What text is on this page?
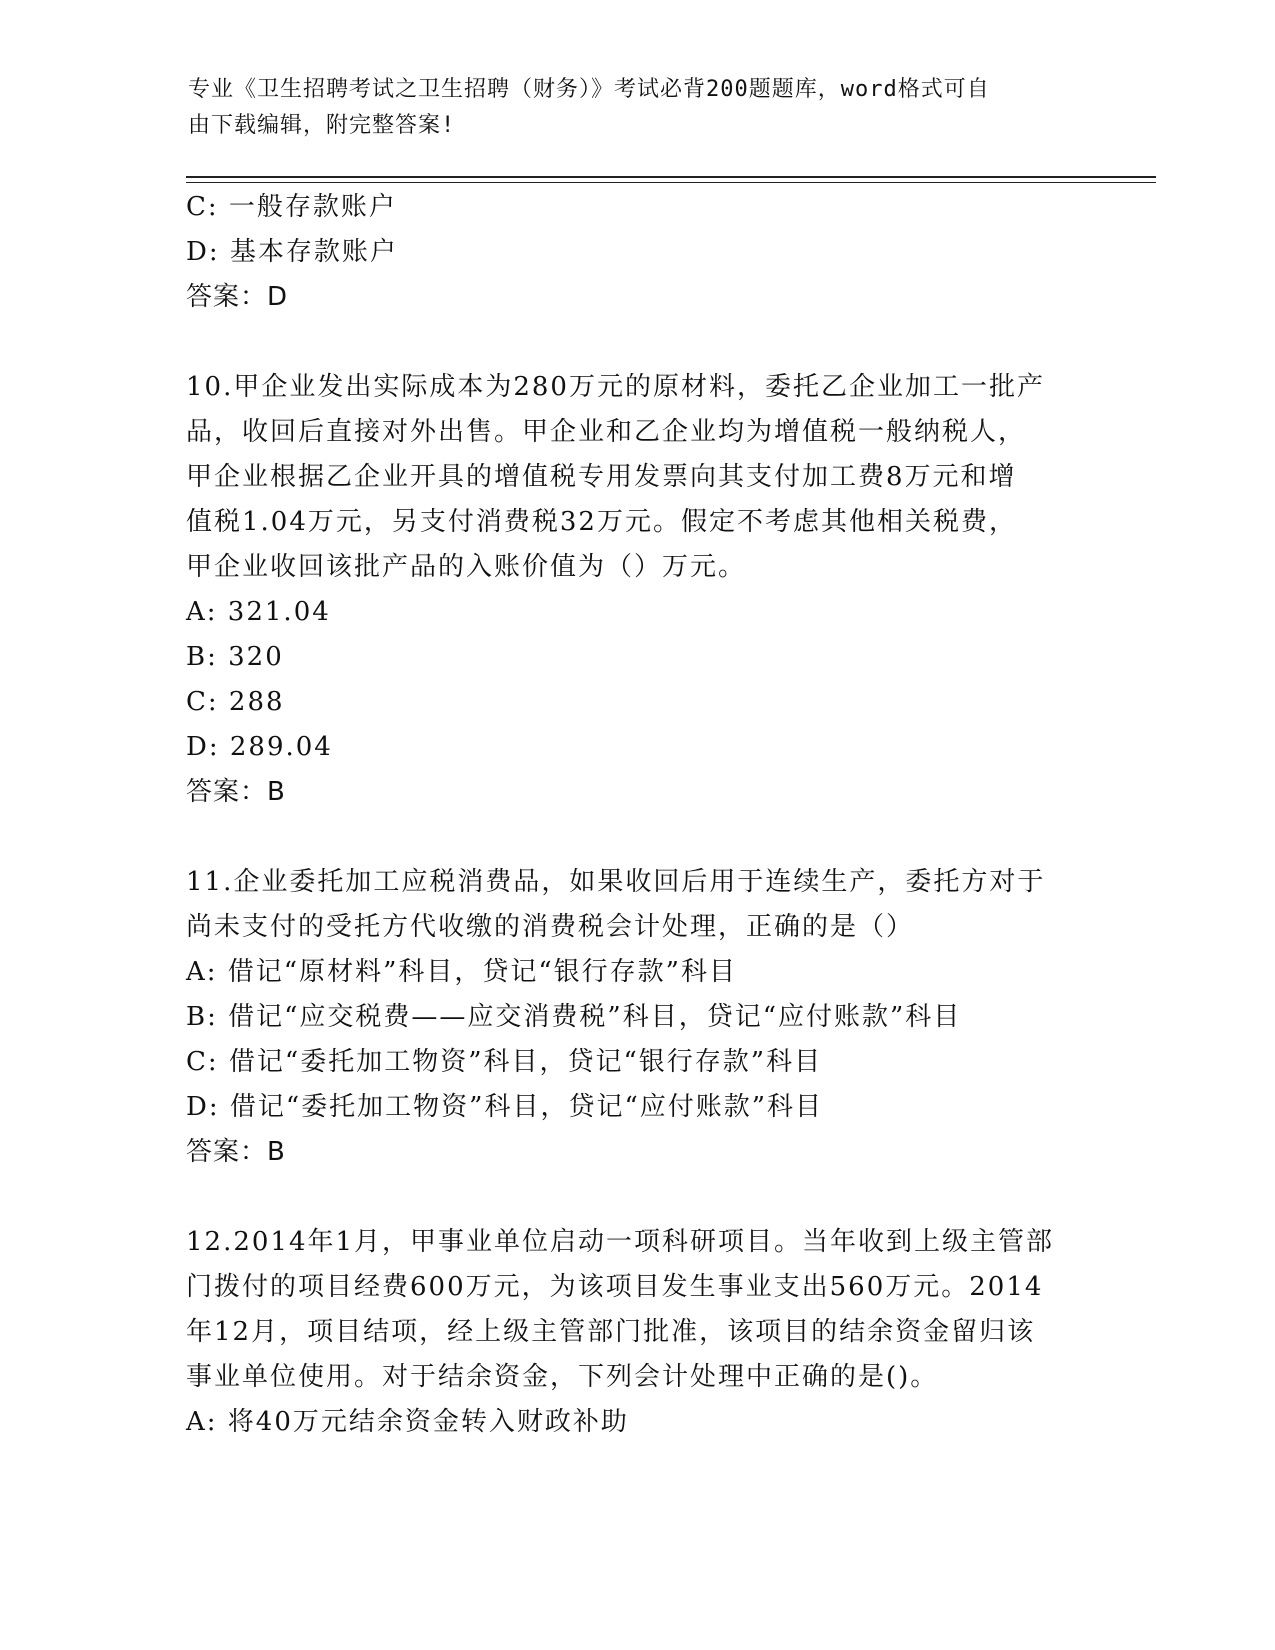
专业《卫生招聘考试之卫生招聘（财务）》考试必背200题题库，word格式可自
由下载编辑，附完整答案!
C: 一般存款账户
D: 基本存款账户
答案：D
10.甲企业发出实际成本为280万元的原材料，委托乙企业加工一批产
品，收回后直接对外出售。甲企业和乙企业均为增值税一般纳税人，
甲企业根据乙企业开具的增值税专用发票向其支付加工费8万元和增
值税1.04万元，另支付消费税32万元。假定不考虑其他相关税费，
甲企业收回该批产品的入账价值为（）万元。
A: 321.04
B: 320
C: 288
D: 289.04
答案：B
11.企业委托加工应税消费品，如果收回后用于连续生产，委托方对于
尚未支付的受托方代收缴的消费税会计处理，正确的是（）
A: 借记“原材料”科目，贷记“银行存款”科目
B: 借记“应交税费——应交消费税”科目，贷记“应付账款”科目
C: 借记“委托加工物资”科目，贷记“银行存款”科目
D: 借记“委托加工物资”科目，贷记“应付账款”科目
答案：B
12.2014年1月，甲事业单位启动一项科研项目。当年收到上级主管部
门拨付的项目经费600万元，为该项目发生事业支出560万元。2014
年12月，项目结项，经上级主管部门批准，该项目的结余资金留归该
事业单位使用。对于结余资金，下列会计处理中正确的是()。
A: 将40万元结余资金转入财政补助
